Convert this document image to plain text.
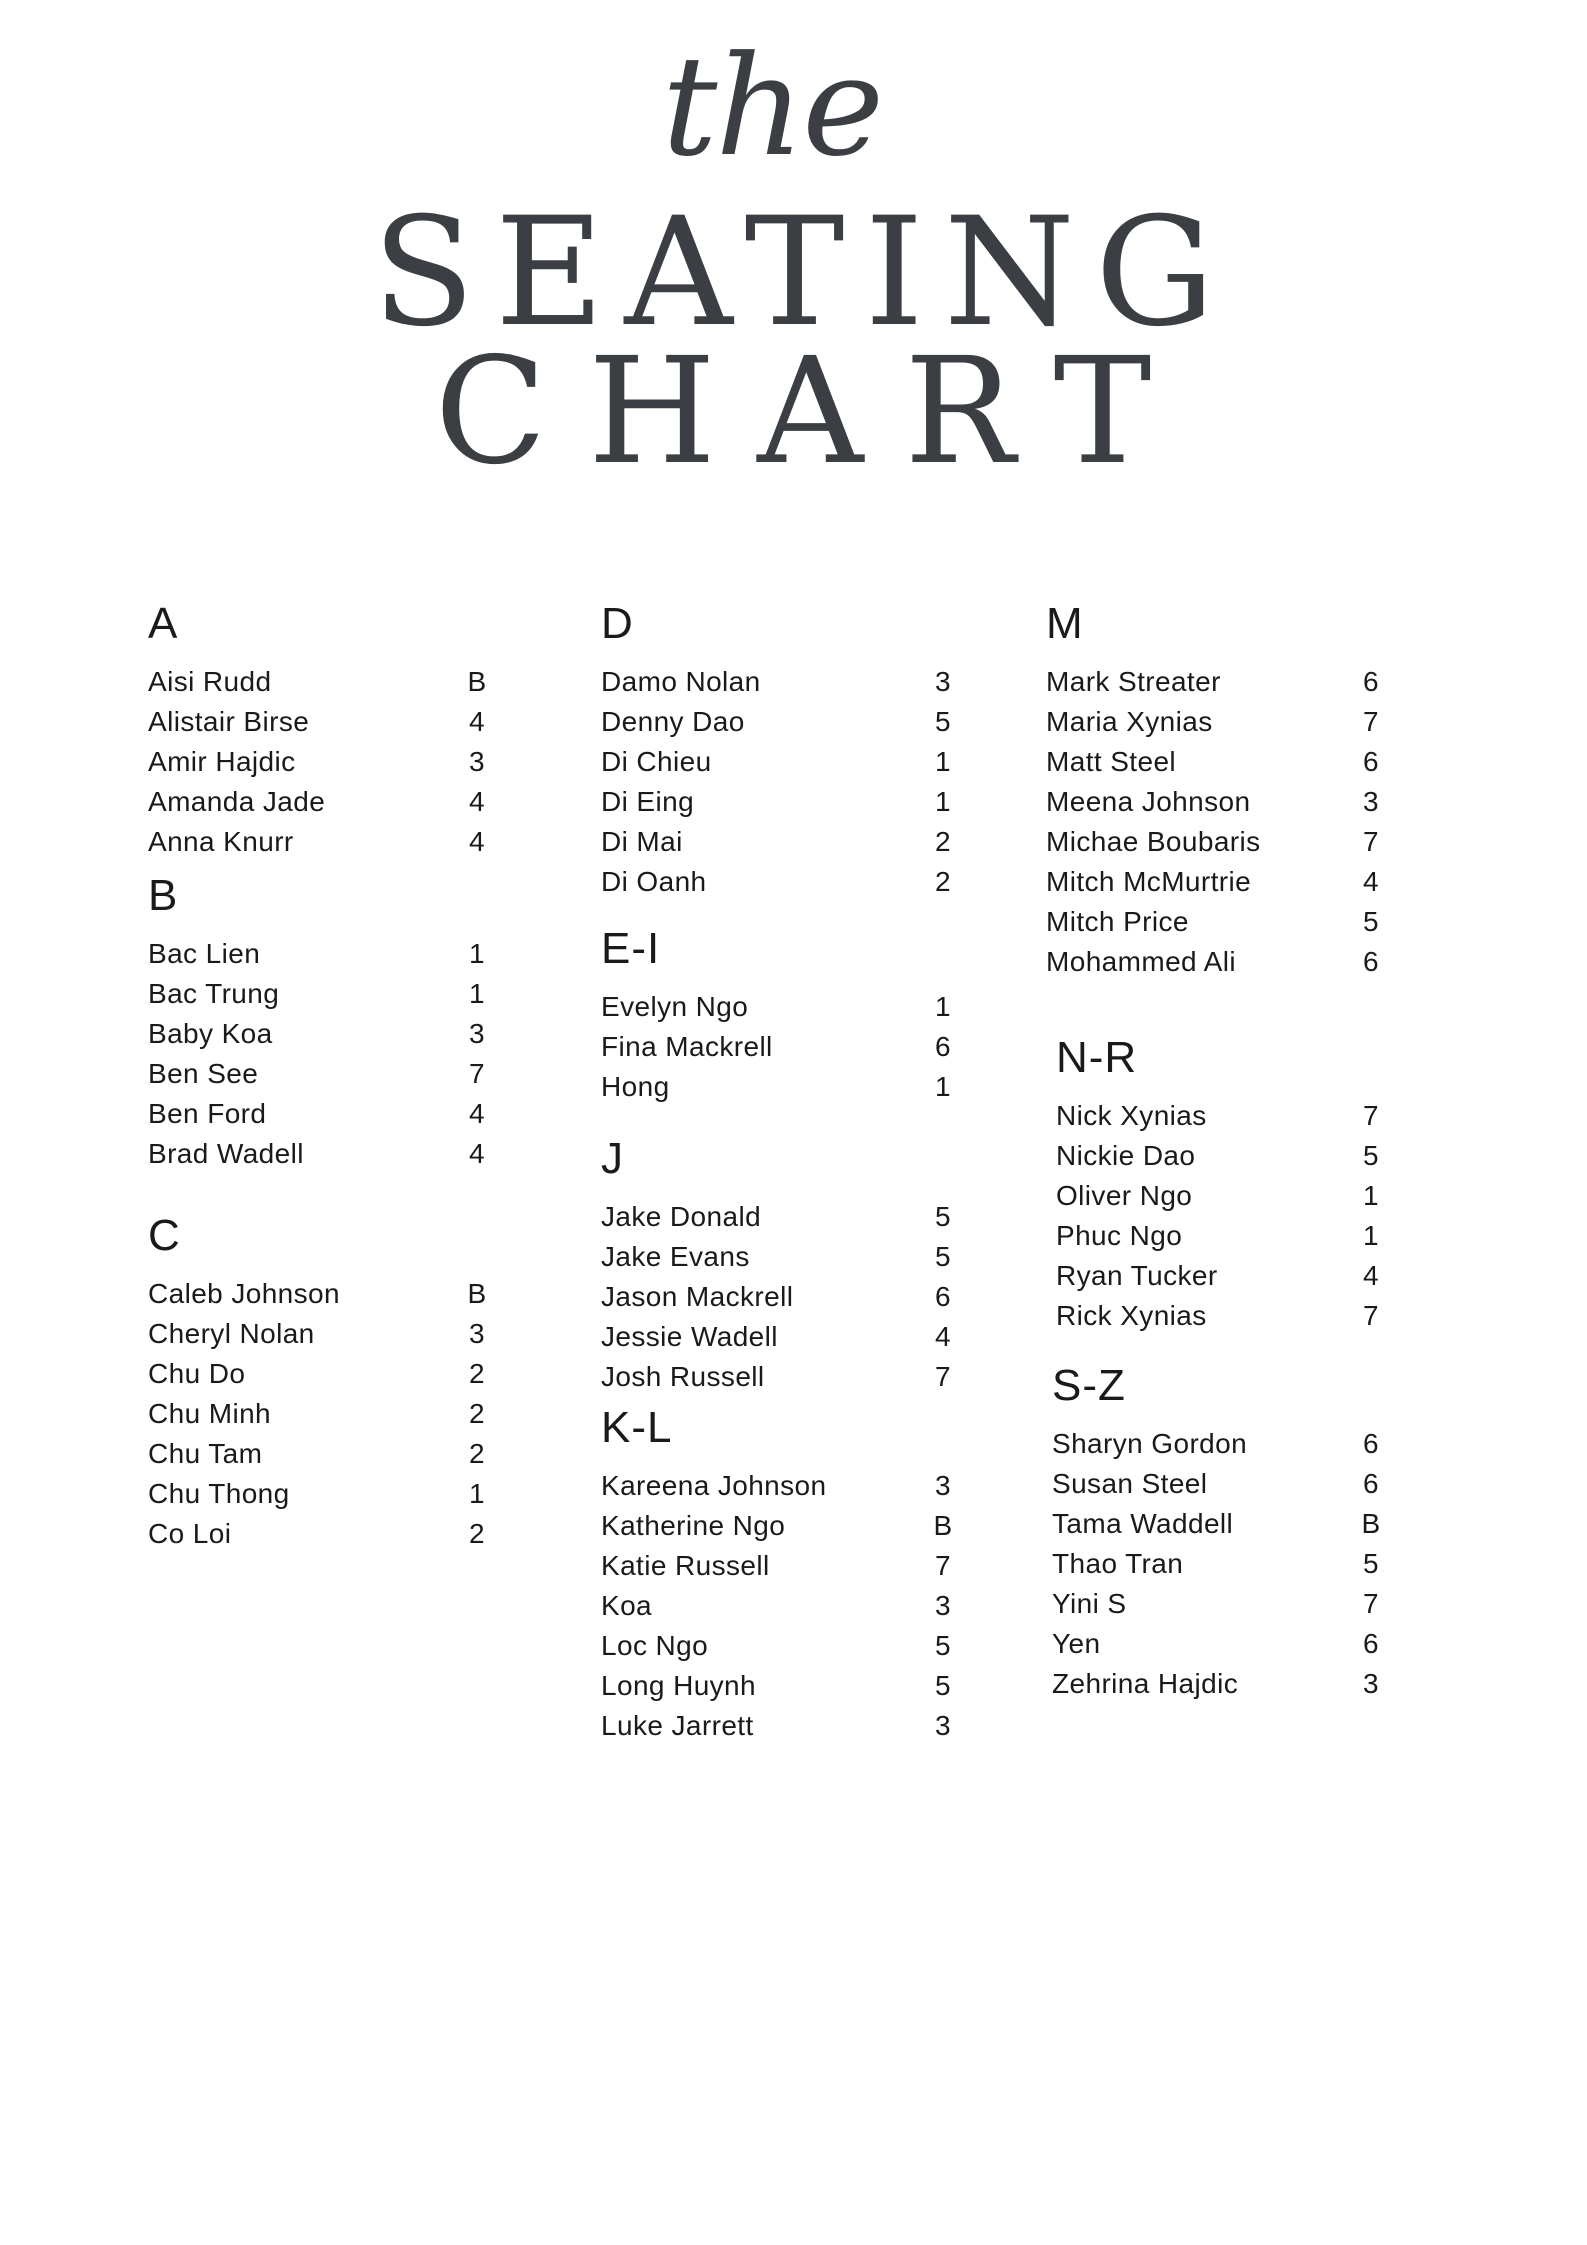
the
SEATING
CHART
A
Aisi Rudd	B
Alistair Birse	4
Amir Hajdic	3
Amanda Jade	4
Anna Knurr	4
B
Bac Lien	1
Bac Trung	1
Baby Koa	3
Ben See	7
Ben Ford	4
Brad Wadell	4
C
Caleb Johnson	B
Cheryl Nolan	3
Chu Do	2
Chu Minh	2
Chu Tam	2
Chu Thong	1
Co Loi	2
D
Damo Nolan	3
Denny Dao	5
Di Chieu	1
Di Eing	1
Di Mai	2
Di Oanh	2
E-I
Evelyn Ngo	1
Fina Mackrell	6
Hong	1
J
Jake Donald	5
Jake Evans	5
Jason Mackrell	6
Jessie Wadell	4
Josh Russell	7
K-L
Kareena Johnson	3
Katherine Ngo	B
Katie Russell	7
Koa	3
Loc Ngo	5
Long Huynh	5
Luke Jarrett	3
M
Mark Streater	6
Maria Xynias	7
Matt Steel	6
Meena Johnson	3
Michae Boubaris	7
Mitch McMurtrie	4
Mitch Price	5
Mohammed Ali	6
N-R
Nick Xynias	7
Nickie Dao	5
Oliver Ngo	1
Phuc Ngo	1
Ryan Tucker	4
Rick Xynias	7
S-Z
Sharyn Gordon	6
Susan Steel	6
Tama Waddell	B
Thao Tran	5
Yini S	7
Yen	6
Zehrina Hajdic	3
